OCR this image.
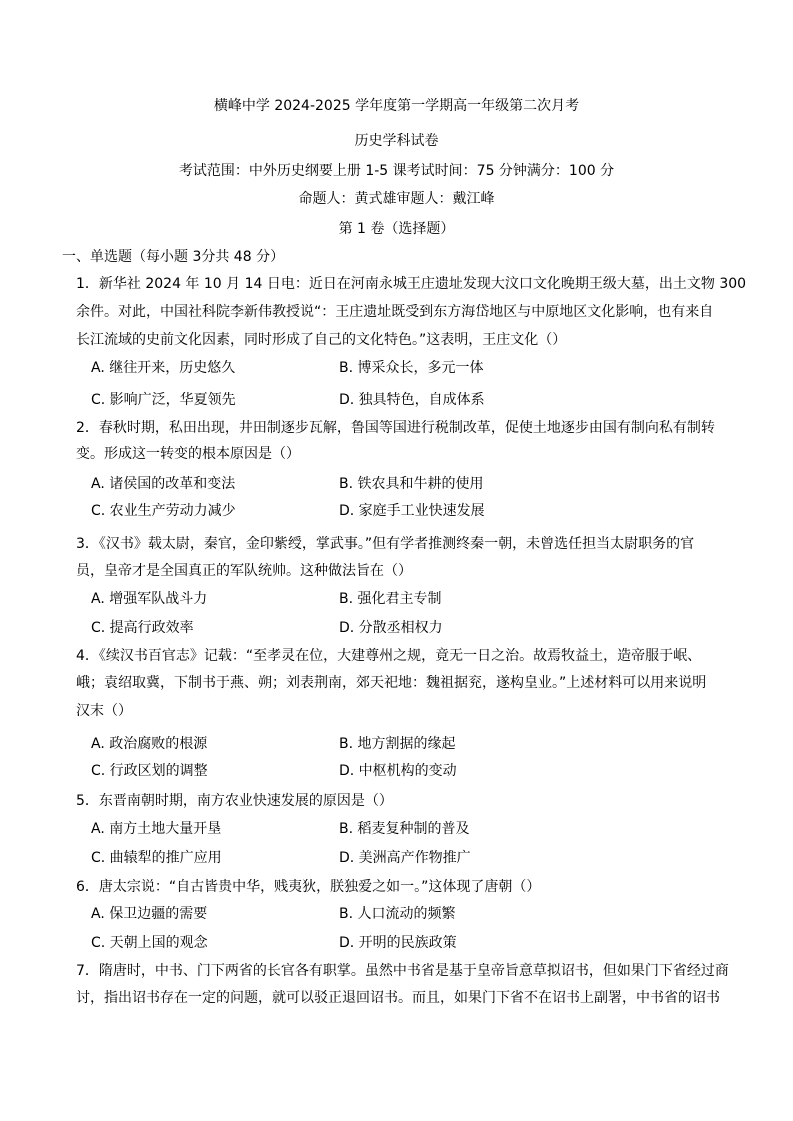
横峰中学 2024-2025 学年度第一学期高一年级第二次月考
历史学科试卷
考试范围：中外历史纲要上册 1-5 课考试时间：75 分钟满分：100 分
命题人：黄式雄审题人：戴江峰
第 1 卷（选择题）
一、单选题（每小题 3分共 48 分）
1．新华社 2024 年 10 月 14 日电：近日在河南永城王庄遗址发现大汶口文化晚期王级大墓，出土文物 300
余件。对此，中国社科院李新伟教授说“：王庄遗址既受到东方海岱地区与中原地区文化影响，也有来自
长江流域的史前文化因素，同时形成了自己的文化特色。”这表明，王庄文化（）
A. 继往开来，历史悠久	B. 博采众长，多元一体
C. 影响广泛，华夏领先	D. 独具特色，自成体系
2．春秋时期，私田出现，井田制逐步瓦解，鲁国等国进行税制改革，促使土地逐步由国有制向私有制转
变。形成这一转变的根本原因是（）
A. 诸侯国的改革和变法	B. 铁农具和牛耕的使用
C. 农业生产劳动力减少	D. 家庭手工业快速发展
3．《汉书》载太尉，秦官，金印紫绶，掌武事。”但有学者推测终秦一朝，未曾选任担当太尉职务的官
员，皇帝才是全国真正的军队统帅。这种做法旨在（）
A. 增强军队战斗力	B. 强化君主专制
C. 提高行政效率	D. 分散丞相权力
4．《续汉书百官志》记载：“至孝灵在位，大建尊州之规，竟无一日之治。故焉牧益土，造帝服于岷、
峨；袁绍取冀，下制书于燕、朔；刘表荆南，郊天祀地：魏祖据兖，遂构皇业。”上述材料可以用来说明
汉末（）
A. 政治腐败的根源	B. 地方割据的缘起
C. 行政区划的调整	D. 中枢机构的变动
5．东晋南朝时期，南方农业快速发展的原因是（）
A. 南方土地大量开垦	B. 稻麦复种制的普及
C. 曲辕犁的推广应用	D. 美洲高产作物推广
6．唐太宗说：“自古皆贵中华，贱夷狄，朕独爱之如一。”这体现了唐朝（）
A. 保卫边疆的需要	B. 人口流动的频繁
C. 天朝上国的观念	D. 开明的民族政策
7．隋唐时，中书、门下两省的长官各有职掌。虽然中书省是基于皇帝旨意草拟诏书，但如果门下省经过商
讨，指出诏书存在一定的问题，就可以驳正退回诏书。而且，如果门下省不在诏书上副署，中书省的诏书
